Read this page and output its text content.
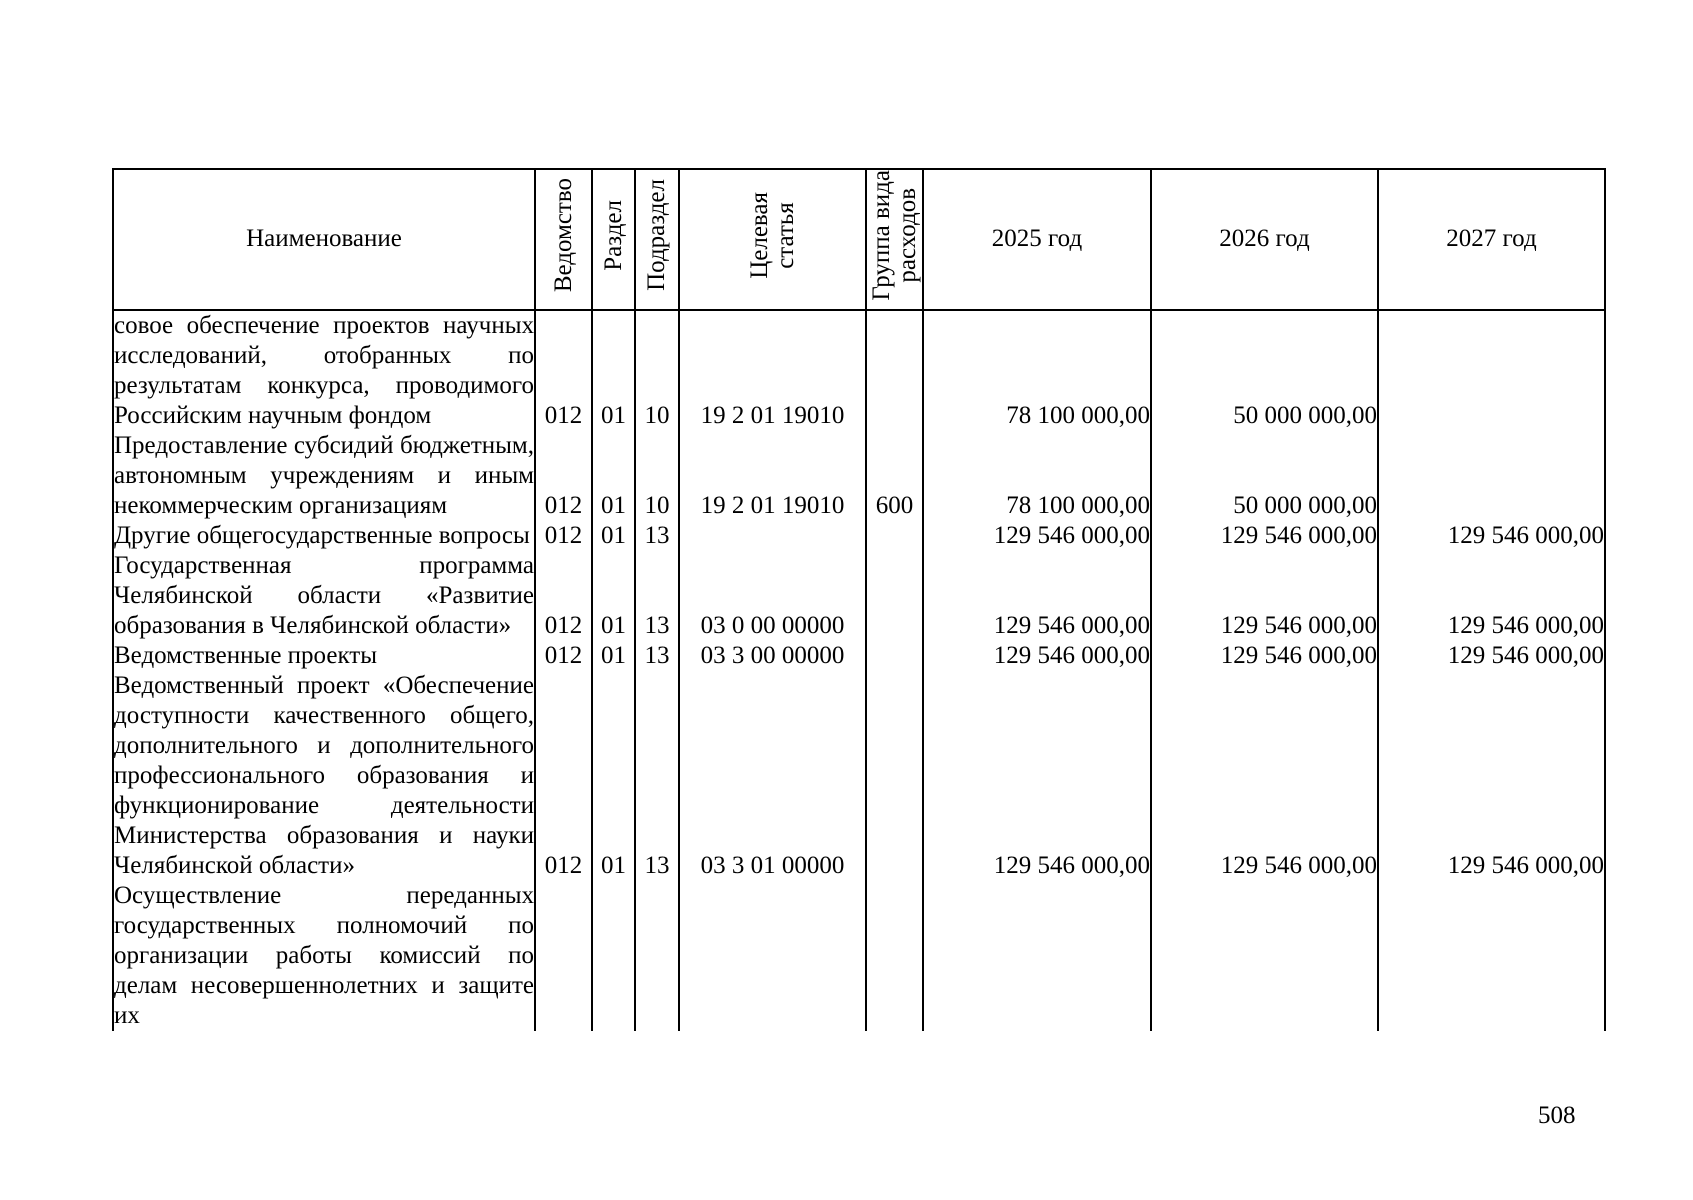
Наименование	Ведомство	Раздел	Подраздел	Целевая
статья	Группа вида
расходов	2025 год	2026 год	2027 год
совое обеспечение проектов научных исследований, отобранных по результатам конкурса, проводимого Российским научным фондом	012	01	10	19 2 01 19010		78 100 000,00	50 000 000,00	
Предоставление субсидий бюджетным, автономным учреждениям и иным некоммерческим организациям	012	01	10	19 2 01 19010	600	78 100 000,00	50 000 000,00	
Другие общегосударственные вопросы	012	01	13			129 546 000,00	129 546 000,00	129 546 000,00
Государственная программа Челябинской области «Развитие образования в Челябинской области»	012	01	13	03 0 00 00000		129 546 000,00	129 546 000,00	129 546 000,00
Ведомственные проекты	012	01	13	03 3 00 00000		129 546 000,00	129 546 000,00	129 546 000,00
Ведомственный проект «Обеспечение доступности качественного общего, дополнительного и дополнительного профессионального образования и функционирование деятельности Министерства образования и науки Челябинской области»	012	01	13	03 3 01 00000		129 546 000,00	129 546 000,00	129 546 000,00
Осуществление переданных государственных полномочий по организации работы комиссий по делам несовершеннолетних и защите их								
508
